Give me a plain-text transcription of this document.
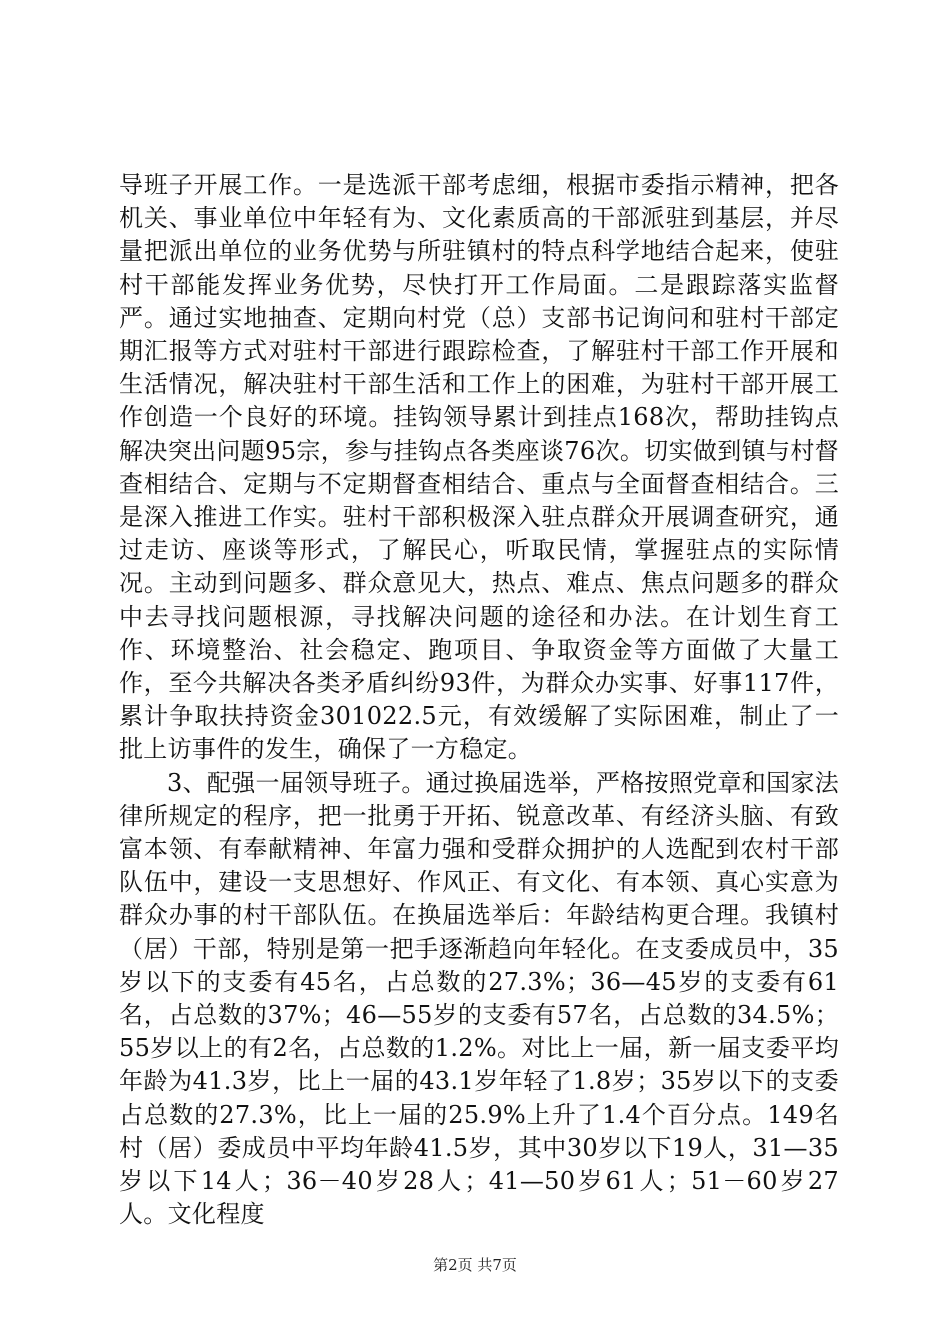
导班子开展工作。一是选派干部考虑细，根据市委指示精神，把各机关、事业单位中年轻有为、文化素质高的干部派驻到基层，并尽量把派出单位的业务优势与所驻镇村的特点科学地结合起来，使驻村干部能发挥业务优势，尽快打开工作局面。二是跟踪落实监督严。通过实地抽查、定期向村党（总）支部书记询问和驻村干部定期汇报等方式对驻村干部进行跟踪检查，了解驻村干部工作开展和生活情况，解决驻村干部生活和工作上的困难，为驻村干部开展工作创造一个良好的环境。挂钩领导累计到挂点168次，帮助挂钩点解决突出问题95宗，参与挂钩点各类座谈76次。切实做到镇与村督查相结合、定期与不定期督查相结合、重点与全面督查相结合。三是深入推进工作实。驻村干部积极深入驻点群众开展调查研究，通过走访、座谈等形式，了解民心，听取民情，掌握驻点的实际情况。主动到问题多、群众意见大，热点、难点、焦点问题多的群众中去寻找问题根源，寻找解决问题的途径和办法。在计划生育工作、环境整治、社会稳定、跑项目、争取资金等方面做了大量工作，至今共解决各类矛盾纠纷93件，为群众办实事、好事117件，累计争取扶持资金301022.5元，有效缓解了实际困难，制止了一批上访事件的发生，确保了一方稳定。

3、配强一届领导班子。通过换届选举，严格按照党章和国家法律所规定的程序，把一批勇于开拓、锐意改革、有经济头脑、有致富本领、有奉献精神、年富力强和受群众拥护的人选配到农村干部队伍中，建设一支思想好、作风正、有文化、有本领、真心实意为群众办事的村干部队伍。在换届选举后：年龄结构更合理。我镇村（居）干部，特别是第一把手逐渐趋向年轻化。在支委成员中，35岁以下的支委有45名，占总数的27.3%；36—45岁的支委有61名，占总数的37%；46—55岁的支委有57名，占总数的34.5%；55岁以上的有2名，占总数的1.2%。对比上一届，新一届支委平均年龄为41.3岁，比上一届的43.1岁年轻了1.8岁；35岁以下的支委占总数的27.3%，比上一届的25.9%上升了1.4个百分点。149名村（居）委成员中平均年龄41.5岁，其中30岁以下19人，31—35岁以下14人；36－40岁28人；41—50岁61人；51－60岁27人。文化程度

第2页 共7页
